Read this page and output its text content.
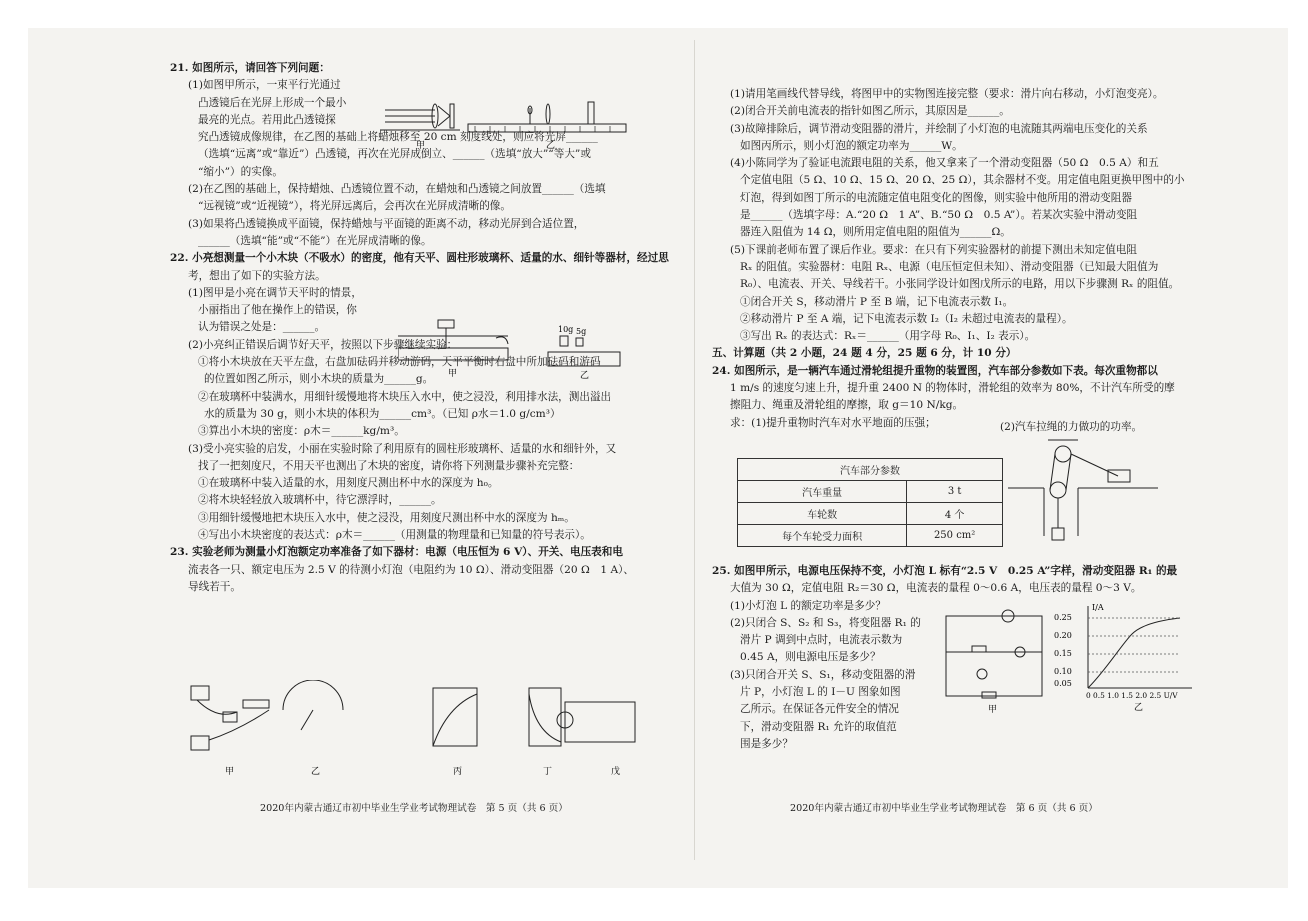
21. 如图所示，请回答下列问题：
(1)如图甲所示，一束平行光通过
凸透镜后在光屏上形成一个最小
最亮的光点。若用此凸透镜探
究凸透镜成像规律，在乙图的基础上将蜡烛移至 20 cm 刻度线处，则应将光屏______
（选填“远离”或“靠近”）凸透镜，再次在光屏成倒立、______（选填“放大”“等大”或
“缩小”）的实像。
(2)在乙图的基础上，保持蜡烛、凸透镜位置不动，在蜡烛和凸透镜之间放置______（选填
“远视镜”或“近视镜”），将光屏远离后，会再次在光屏成清晰的像。
(3)如果将凸透镜换成平面镜，保持蜡烛与平面镜的距离不动，移动光屏到合适位置，
______（选填“能”或“不能”）在光屏成清晰的像。
22. 小亮想测量一个小木块（不吸水）的密度，他有天平、圆柱形玻璃杯、适量的水、细针等器材，经过思
考，想出了如下的实验方法。
(1)图甲是小亮在调节天平时的情景，
小丽指出了他在操作上的错误，你
认为错误之处是：______。
(2)小亮纠正错误后调节好天平，按照以下步骤继续实验：
①将小木块放在天平左盘，右盘加砝码并移动游码，天平平衡时右盘中所加砝码和游码
的位置如图乙所示，则小木块的质量为______g。
②在玻璃杯中装满水，用细针缓慢地将木块压入水中，使之浸没，利用排水法，测出溢出
水的质量为 30 g，则小木块的体积为______cm³。（已知 ρ水＝1.0 g/cm³）
③算出小木块的密度：ρ木＝______kg/m³。
(3)受小亮实验的启发，小丽在实验时除了利用原有的圆柱形玻璃杯、适量的水和细针外，又
找了一把刻度尺，不用天平也测出了木块的密度，请你将下列测量步骤补充完整：
①在玻璃杯中装入适量的水，用刻度尺测出杯中水的深度为 h₀。
②将木块轻轻放入玻璃杯中，待它漂浮时，______。
③用细针缓慢地把木块压入水中，使之浸没，用刻度尺测出杯中水的深度为 hₘ。
④写出小木块密度的表达式：ρ木＝______（用测量的物理量和已知量的符号表示）。
23. 实验老师为测量小灯泡额定功率准备了如下器材：电源（电压恒为 6 V）、开关、电压表和电
流表各一只、额定电压为 2.5 V 的待测小灯泡（电阻约为 10 Ω）、滑动变阻器（20 Ω　1 A）、
导线若干。
甲	乙
10g 5g
甲	乙
甲	乙	丙	丁	戊
2020年内蒙古通辽市初中毕业生学业考试物理试卷　第 5 页（共 6 页）
(1)请用笔画线代替导线，将图甲中的实物图连接完整（要求：滑片向右移动，小灯泡变亮）。
(2)闭合开关前电流表的指针如图乙所示，其原因是______。
(3)故障排除后，调节滑动变阻器的滑片，并绘制了小灯泡的电流随其两端电压变化的关系
如图丙所示，则小灯泡的额定功率为______W。
(4)小陈同学为了验证电流跟电阻的关系，他又拿来了一个滑动变阻器（50 Ω　0.5 A）和五
个定值电阻（5 Ω、10 Ω、15 Ω、20 Ω、25 Ω），其余器材不变。用定值电阻更换甲图中的小
灯泡，得到如图丁所示的电流随定值电阻变化的图像，则实验中他所用的滑动变阻器
是______（选填字母：A.“20 Ω　1 A”、B.“50 Ω　0.5 A”）。若某次实验中滑动变阻
器连入阻值为 14 Ω，则所用定值电阻的阻值为______Ω。
(5)下课前老师布置了课后作业。要求：在只有下列实验器材的前提下测出未知定值电阻
Rₓ 的阻值。实验器材：电阻 Rₓ、电源（电压恒定但未知）、滑动变阻器（已知最大阻值为
R₀）、电流表、开关、导线若干。小张同学设计如图戊所示的电路，用以下步骤测 Rₓ 的阻值。
①闭合开关 S，移动滑片 P 至 B 端，记下电流表示数 I₁。
②移动滑片 P 至 A 端，记下电流表示数 I₂（I₂ 未超过电流表的量程）。
③写出 Rₓ 的表达式：Rₓ＝______（用字母 R₀、I₁、I₂ 表示）。
五、计算题（共 2 小题，24 题 4 分，25 题 6 分，计 10 分）
24. 如图所示，是一辆汽车通过滑轮组提升重物的装置图，汽车部分参数如下表。每次重物都以
1 m/s 的速度匀速上升，提升重 2400 N 的物体时，滑轮组的效率为 80%，不计汽车所受的摩
擦阻力、绳重及滑轮组的摩擦，取 g＝10 N/kg。
求：(1)提升重物时汽车对水平地面的压强；	(2)汽车拉绳的力做功的功率。
汽车部分参数	
汽车重量	3 t
车轮数	4 个
每个车轮受力面积	250 cm²
25. 如图甲所示，电源电压保持不变，小灯泡 L 标有“2.5 V　0.25 A”字样，滑动变阻器 R₁ 的最
大值为 30 Ω，定值电阻 R₂＝30 Ω，电流表的量程 0～0.6 A，电压表的量程 0～3 V。
(1)小灯泡 L 的额定功率是多少？
(2)只闭合 S、S₂ 和 S₃，将变阻器 R₁ 的
滑片 P 调到中点时，电流表示数为
0.45 A，则电源电压是多少？
(3)只闭合开关 S、S₁，移动变阻器的滑
片 P，小灯泡 L 的 I－U 图象如图
乙所示。在保证各元件安全的情况
下，滑动变阻器 R₁ 允许的取值范
围是多少？
甲
I/A
0.25
0.20
0.15
0.10
0.05
0 0.5 1.0 1.5 2.0 2.5 U/V
乙
2020年内蒙古通辽市初中毕业生学业考试物理试卷　第 6 页（共 6 页）
